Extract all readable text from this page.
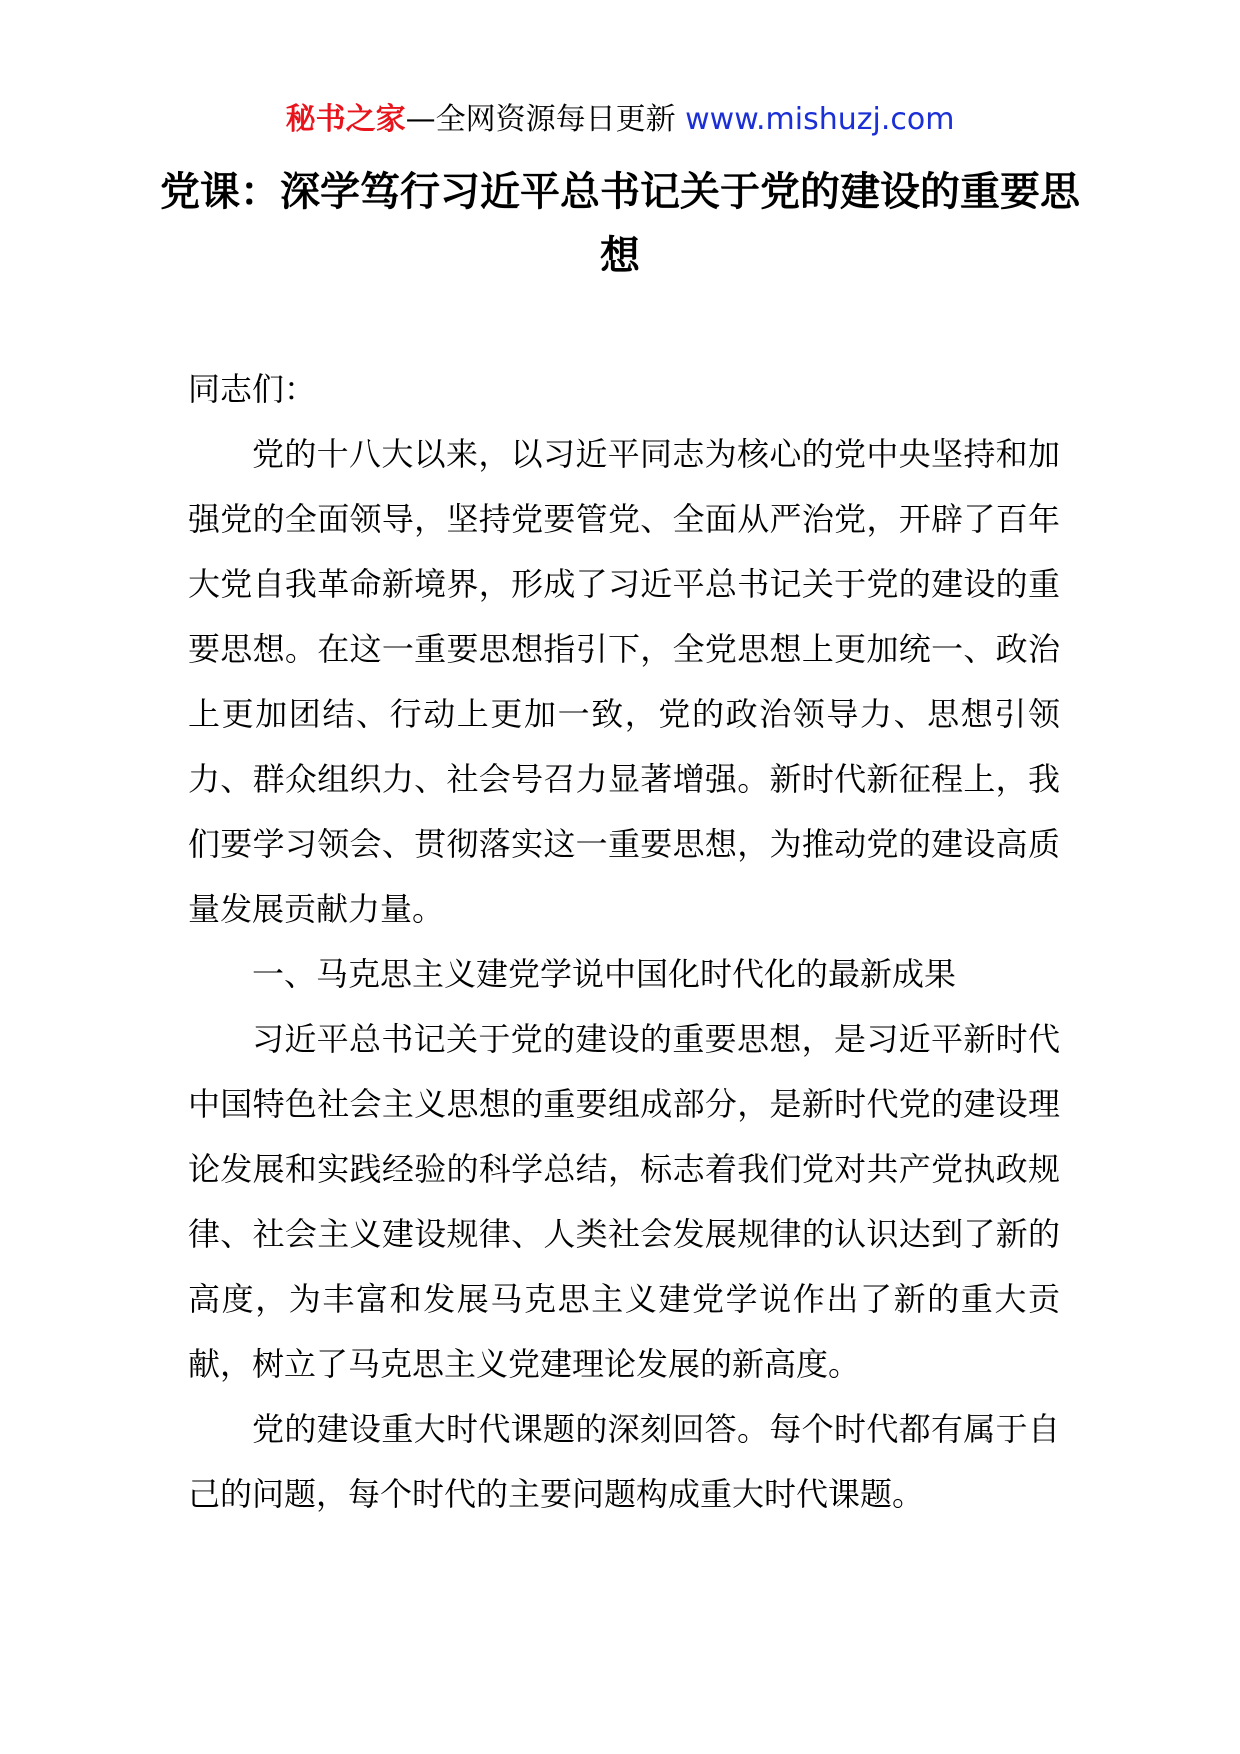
秘书之家—全网资源每日更新 www.mishuzj.com
党课：深学笃行习近平总书记关于党的建设的重要思想

同志们：

党的十八大以来，以习近平同志为核心的党中央坚持和加强党的全面领导，坚持党要管党、全面从严治党，开辟了百年大党自我革命新境界，形成了习近平总书记关于党的建设的重要思想。在这一重要思想指引下，全党思想上更加统一、政治上更加团结、行动上更加一致，党的政治领导力、思想引领力、群众组织力、社会号召力显著增强。新时代新征程上，我们要学习领会、贯彻落实这一重要思想，为推动党的建设高质量发展贡献力量。

一、马克思主义建党学说中国化时代化的最新成果

习近平总书记关于党的建设的重要思想，是习近平新时代中国特色社会主义思想的重要组成部分，是新时代党的建设理论发展和实践经验的科学总结，标志着我们党对共产党执政规律、社会主义建设规律、人类社会发展规律的认识达到了新的高度，为丰富和发展马克思主义建党学说作出了新的重大贡献，树立了马克思主义党建理论发展的新高度。

党的建设重大时代课题的深刻回答。每个时代都有属于自己的问题，每个时代的主要问题构成重大时代课题。
